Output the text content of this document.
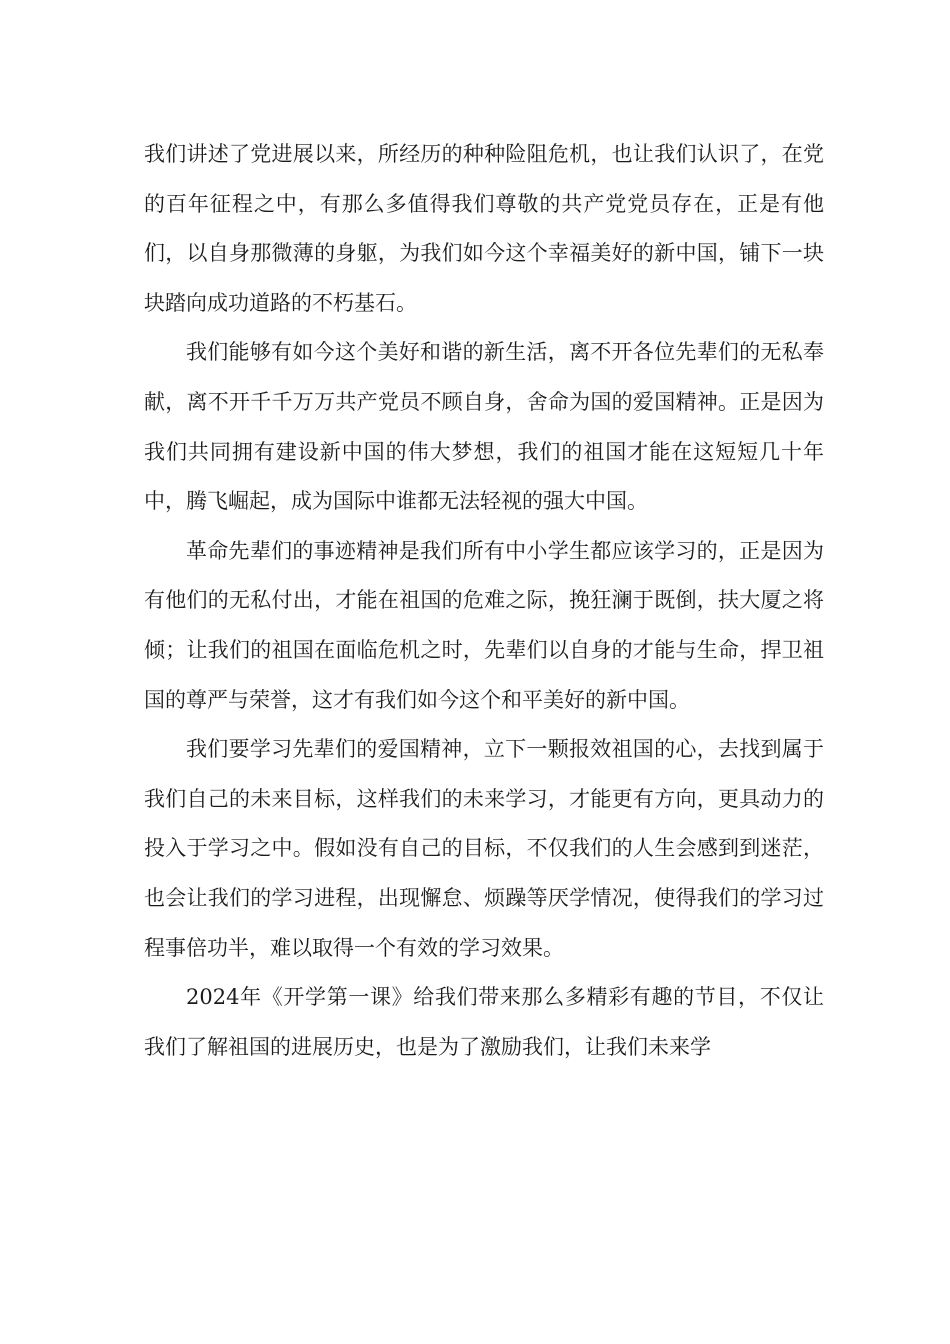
我们讲述了党进展以来，所经历的种种险阻危机，也让我们认识了，在党的百年征程之中，有那么多值得我们尊敬的共产党党员存在，正是有他们，以自身那微薄的身躯，为我们如今这个幸福美好的新中国，铺下一块块踏向成功道路的不朽基石。

我们能够有如今这个美好和谐的新生活，离不开各位先辈们的无私奉献，离不开千千万万共产党员不顾自身，舍命为国的爱国精神。正是因为我们共同拥有建设新中国的伟大梦想，我们的祖国才能在这短短几十年中，腾飞崛起，成为国际中谁都无法轻视的强大中国。

革命先辈们的事迹精神是我们所有中小学生都应该学习的，正是因为有他们的无私付出，才能在祖国的危难之际，挽狂澜于既倒，扶大厦之将倾；让我们的祖国在面临危机之时，先辈们以自身的才能与生命，捍卫祖国的尊严与荣誉，这才有我们如今这个和平美好的新中国。

我们要学习先辈们的爱国精神，立下一颗报效祖国的心，去找到属于我们自己的未来目标，这样我们的未来学习，才能更有方向，更具动力的投入于学习之中。假如没有自己的目标，不仅我们的人生会感到到迷茫，也会让我们的学习进程，出现懈怠、烦躁等厌学情况，使得我们的学习过程事倍功半，难以取得一个有效的学习效果。

2024年《开学第一课》给我们带来那么多精彩有趣的节目，不仅让我们了解祖国的进展历史，也是为了激励我们，让我们未来学
